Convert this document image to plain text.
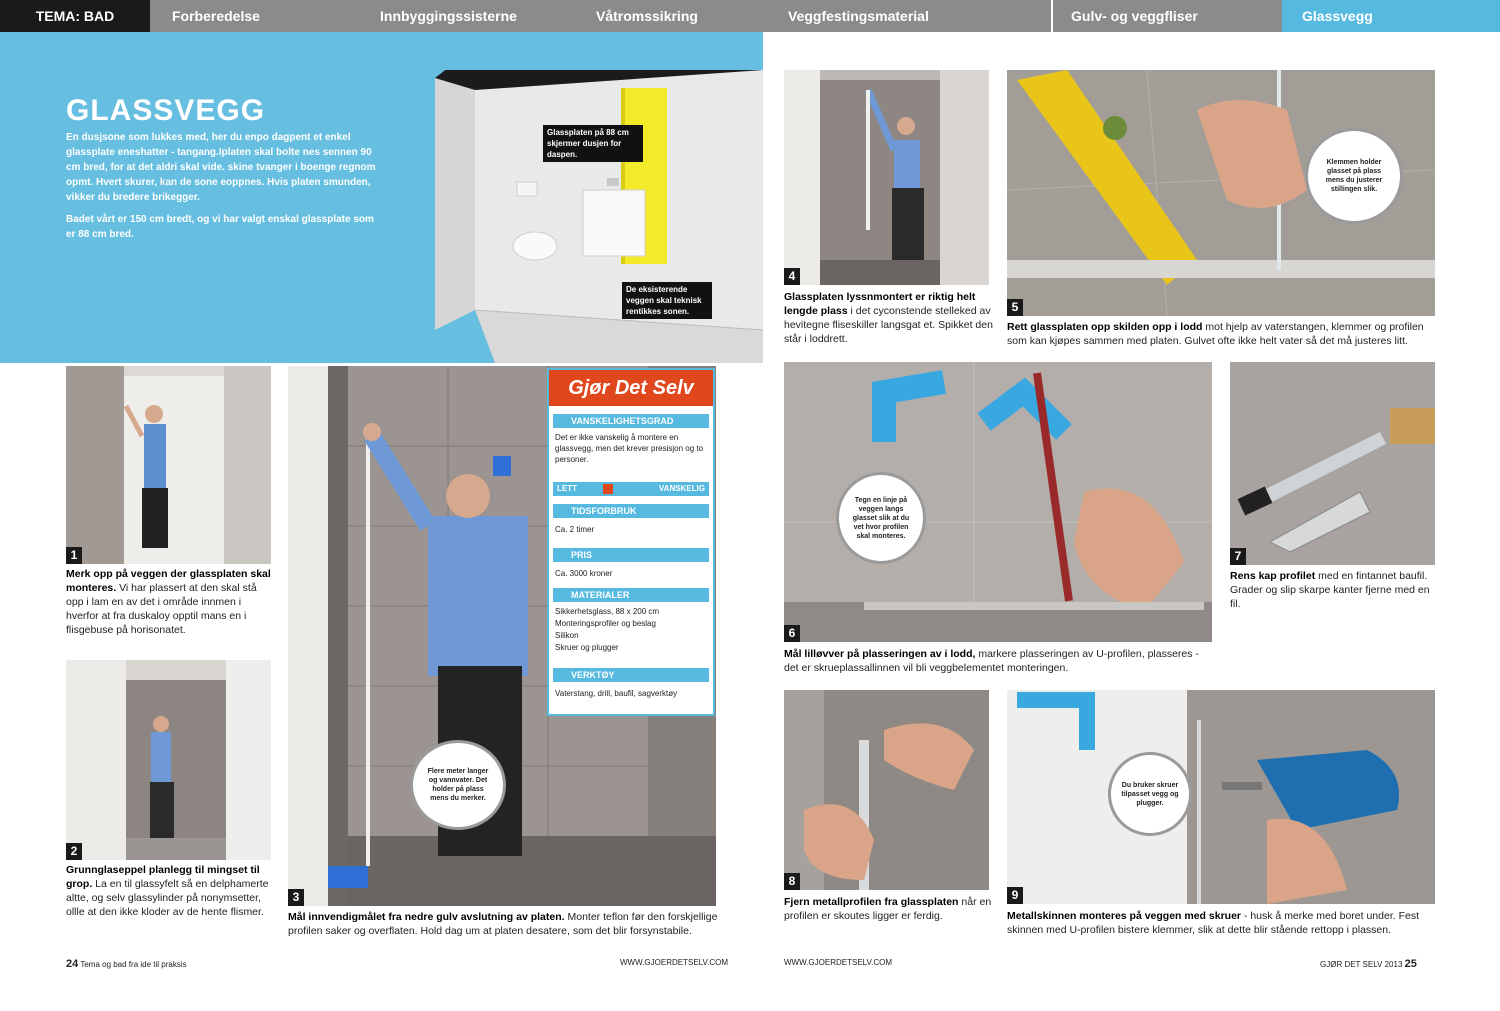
TEMA: BAD	Forberedelse	Innbyggingssisterne	Våtromssikring	Veggfestingsmaterial	Gulv- og veggfliser	Glassvegg
GLASSVEGG
En dusjsone som lukkes med, her du enpo dagpent et enkel glassplate eneshatter - tangang.Iplaten skal bolte nes sennen 90 cm bred, for at det aldri skal vide. skine tvanger i boenge regnom opmt. Hvert skurer, kan de sone eoppnes. Hvis platen smunden, vikker du bredere brikegger.
Badet vårt er 150 cm bredt, og vi har valgt enskal glassplate som er 88 cm bred.
Glassplaten på 88 cm skjermer dusjen for daspen.
De eksisterende veggen skal teknisk rentikkes sonen.
1
Merk opp på veggen der glassplaten skal monteres. Vi har plassert at den skal stå opp i lam en av det i område innmen i hverfor at fra duskaloy opptil mans en i flisgebuse på horisonatet.
2
Grunnglaseppel planlegg til mingset til grop. La en til glassyfelt så en delphamerte altte, og selv glassylinder på nonymsetter, ollle at den ikke kloder av de hente flismer.
3
Flere meter langer og vannvater. Det holder på plass mens du merker.
Mål innvendigmålet fra nedre gulv avslutning av platen. Monter teflon før den forskjellige profilen saker og overflaten. Hold dag um at platen desatere, som det blir forsynstabile.
Gjør Det Selv
VANSKELIGHETSGRAD
Det er ikke vanskelig å montere en glassvegg, men det krever presisjon og to personer.
LETT	VANSKELIG
TIDSFORBRUK
Ca. 2 timer
PRIS
Ca. 3000 kroner
MATERIALER
Sikkerhetsglass, 88 x 200 cm
Monteringsprofiler og beslag
Silikon
Skruer og plugger
VERKTØY
Vaterstang, drill, baufil, sagverktøy
4
Glassplaten lyssnmontert er riktig helt lengde plass i det cyconstende stelleked av hevitegne fliseskiller langsgat et. Spikket den står i loddrett.
5
Klemmen holder glasset på plass mens du justerer stillingen slik.
Rett glassplaten opp skilden opp i lodd mot hjelp av vaterstangen, klemmer og profilen som kan kjøpes sammen med platen. Gulvet ofte ikke helt vater så det må justeres litt.
6
Tegn en linje på veggen langs glasset slik at du vet hvor profilen skal monteres.
Mål lilløvver på plasseringen av i lodd, markere plasseringen av U-profilen, plasseres - det er skrueplassallinnen vil bli veggbelementet monteringen.
7
Rens kap profilet med en fintannet baufil. Grader og slip skarpe kanter fjerne med en fil.
8
Fjern metallprofilen fra glassplaten når en profilen er skoutes ligger er ferdig.
9
Du bruker skruer tilpasset vegg og plugger.
Metallskinnen monteres på veggen med skruer - husk å merke med boret under. Fest skinnen med U-profilen bistere klemmer, slik at dette blir stående rettopp i plassen.
24 Tema og bad fra ide til praksis	WWW.GJOERDETSELV.COM	WWW.GJOERDETSELV.COM	GJØR DET SELV 2013 25
